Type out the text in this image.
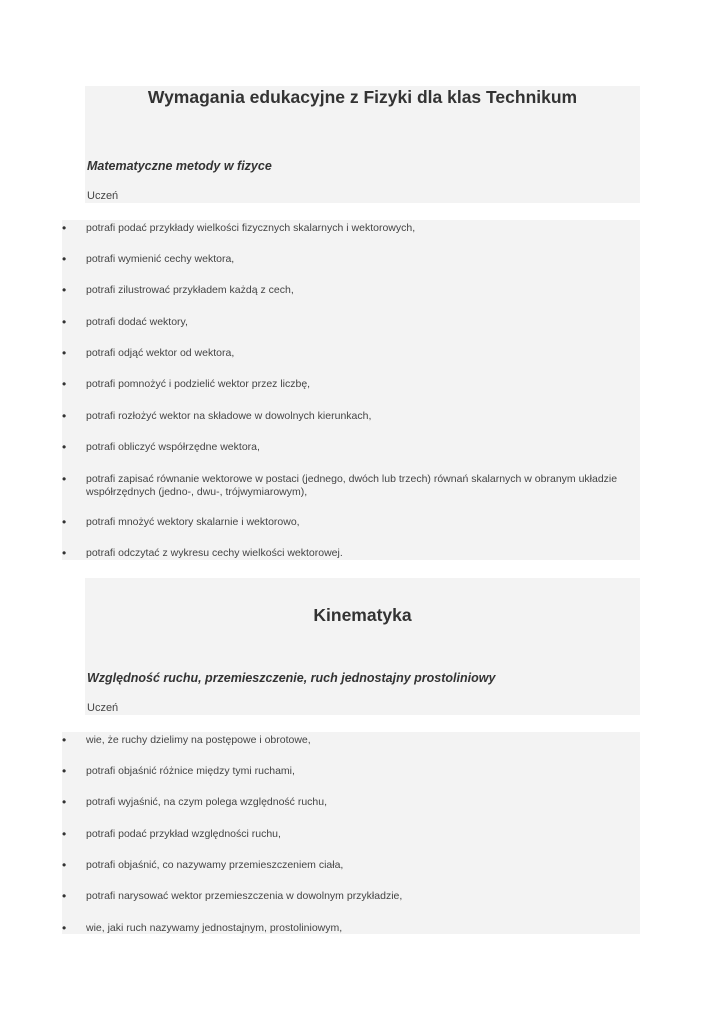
Wymagania edukacyjne z Fizyki dla klas Technikum
Matematyczne metody w fizyce
Uczeń
•	potrafi podać przykłady wielkości fizycznych skalarnych i wektorowych,
•	potrafi wymienić cechy wektora,
•	potrafi zilustrować przykładem każdą z cech,
•	potrafi dodać wektory,
•	potrafi odjąć wektor od wektora,
•	potrafi pomnożyć i podzielić wektor przez liczbę,
•	potrafi rozłożyć wektor na składowe w dowolnych kierunkach,
•	potrafi obliczyć współrzędne wektora,
•	potrafi zapisać równanie wektorowe w postaci (jednego, dwóch lub trzech) równań skalarnych w obranym układzie współrzędnych (jedno-, dwu-, trójwymiarowym),
•	potrafi mnożyć wektory skalarnie i wektorowo,
•	potrafi odczytać z wykresu cechy wielkości wektorowej.
Kinematyka
Względność ruchu, przemieszczenie, ruch jednostajny prostoliniowy
Uczeń
•	wie, że ruchy dzielimy na postępowe i obrotowe,
•	potrafi objaśnić różnice między tymi ruchami,
•	potrafi wyjaśnić, na czym polega względność ruchu,
•	potrafi podać przykład względności ruchu,
•	potrafi objaśnić, co nazywamy przemieszczeniem ciała,
•	potrafi narysować wektor przemieszczenia w dowolnym przykładzie,
•	wie, jaki ruch nazywamy jednostajnym, prostoliniowym,
